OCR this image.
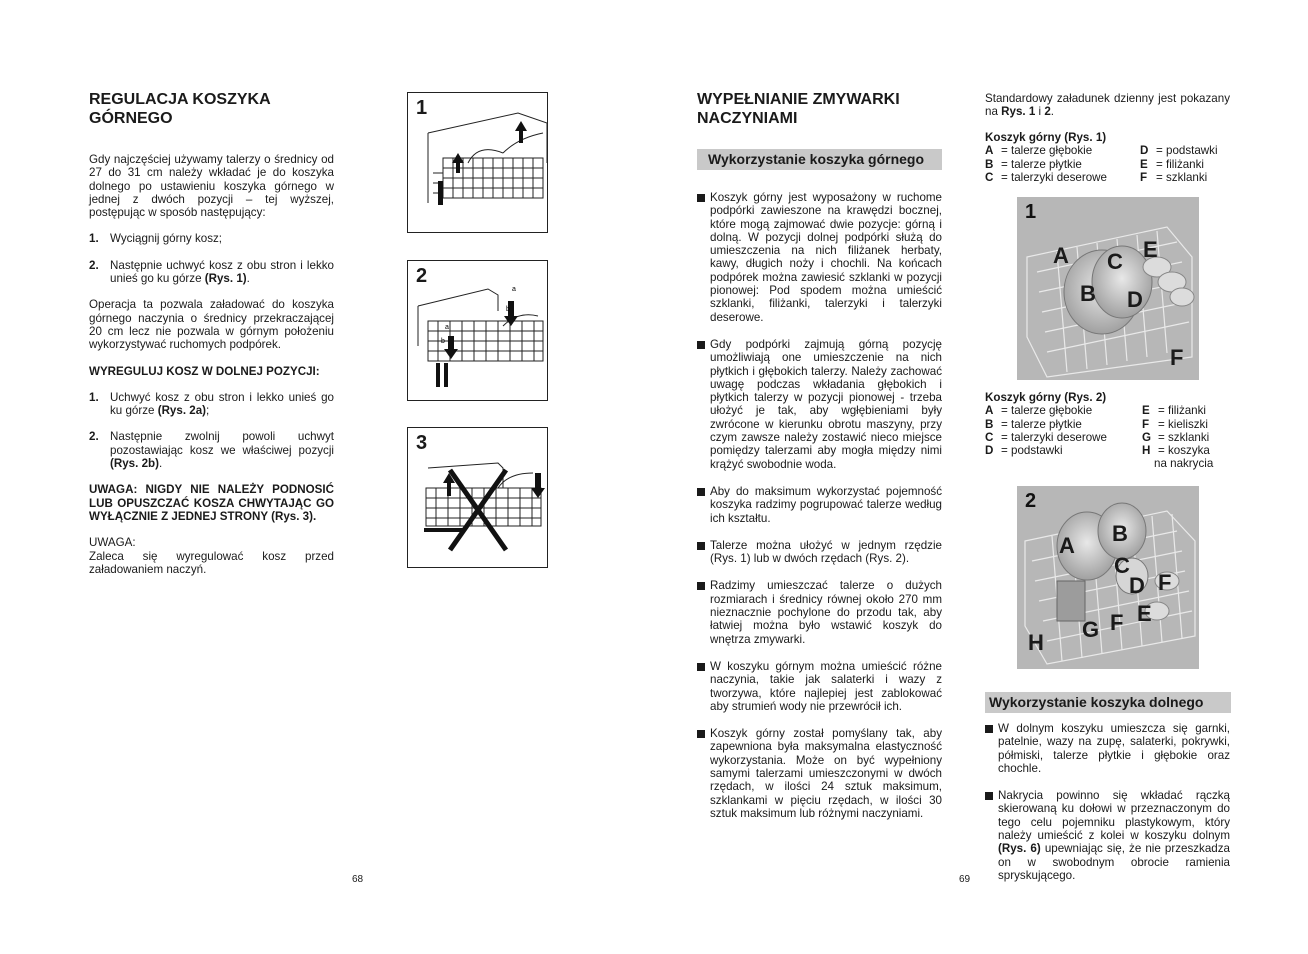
REGULACJA KOSZYKA GÓRNEGO

Gdy najczęściej używamy talerzy o średnicy od 27 do 31 cm należy wkładać je do koszyka dolnego po ustawieniu koszyka górnego w jednej z dwóch pozycji – tej wyższej, postępując w sposób następujący:

1. Wyciągnij górny kosz;
2. Następnie uchwyć kosz z obu stron i lekko unieś go ku górze (Rys. 1).

Operacja ta pozwala załadować do koszyka górnego naczynia o średnicy przekraczającej 20 cm lecz nie pozwala w górnym położeniu wykorzystywać ruchomych podpórek.

WYREGULUJ KOSZ W DOLNEJ POZYCJI:

1. Uchwyć kosz z obu stron i lekko unieś go ku górze (Rys. 2a);
2. Następnie zwolnij powoli uchwyt pozostawiając kosz we właściwej pozycji (Rys. 2b).

UWAGA: NIGDY NIE NALEŻY PODNOSIĆ LUB OPUSZCZAĆ KOSZA CHWYTAJĄC GO WYŁĄCZNIE Z JEDNEJ STRONY (Rys. 3).

UWAGA:
Zaleca się wyregulować kosz przed załadowaniem naczyń.
1
2
a
b
a
b
3
68
WYPEŁNIANIE ZMYWARKI NACZYNIAMI
Wykorzystanie koszyka górnego
Koszyk górny jest wyposażony w ruchome podpórki zawieszone na krawędzi bocznej, które mogą zajmować dwie pozycje: górną i dolną. W pozycji dolnej podpórki służą do umieszczenia na nich filiżanek herbaty, kawy, długich noży i chochli. Na końcach podpórek można zawiesić szklanki w pozycji pionowej: Pod spodem można umieścić szklanki, filiżanki, talerzyki i talerzyki deserowe.
Gdy podpórki zajmują górną pozycję umożliwiają one umieszczenie na nich płytkich i głębokich talerzy. Należy zachować uwagę podczas wkładania głębokich i płytkich talerzy w pozycji pionowej - trzeba ułożyć je tak, aby wgłębieniami były zwrócone w kierunku obrotu maszyny, przy czym zawsze należy zostawić nieco miejsce pomiędzy talerzami aby mogła między nimi krążyć swobodnie woda.
Aby do maksimum wykorzystać pojemność koszyka radzimy pogrupować talerze według ich kształtu.
Talerze można ułożyć w jednym rzędzie (Rys. 1) lub w dwóch rzędach (Rys. 2).
Radzimy umieszczać talerze o dużych rozmiarach i średnicy równej około 270 mm nieznacznie pochylone do przodu tak, aby łatwiej można było wstawić koszyk do wnętrza zmywarki.
W koszyku górnym można umieścić różne naczynia, takie jak salaterki i wazy z tworzywa, które najlepiej jest zablokować aby strumień wody nie przewrócił ich.
Koszyk górny został pomyślany tak, aby zapewniona była maksymalna elastyczność wykorzystania. Może on być wypełniony samymi talerzami umieszczonymi w dwóch rzędach, w ilości 24 sztuk maksimum, szklankami w pięciu rzędach, w ilości 30 sztuk maksimum lub różnymi naczyniami.
Standardowy załadunek dzienny jest pokazany na Rys. 1 i 2.
Koszyk górny (Rys. 1)
A = talerze głębokie
B = talerze płytkie
C = talerzyki deserowe
D = podstawki
E = filiżanki
F = szklanki
1
A C E
B D
F
Koszyk górny (Rys. 2)
A = talerze głębokie
B = talerze płytkie
C = talerzyki deserowe
D = podstawki
E = filiżanki
F = kieliszki
G = szklanki
H = koszyka
na nakrycia
2
B
A
C
D F
E
F
G
H
Wykorzystanie koszyka dolnego
W dolnym koszyku umieszcza się garnki, patelnie, wazy na zupę, salaterki, pokrywki, półmiski, talerze płytkie i głębokie oraz chochle.
Nakrycia powinno się wkładać rączką skierowaną ku dołowi w przeznaczonym do tego celu pojemniku plastykowym, który należy umieścić z kolei w koszyku dolnym (Rys. 6) upewniając się, że nie przeszkadza on w swobodnym obrocie ramienia spryskującego.
69
